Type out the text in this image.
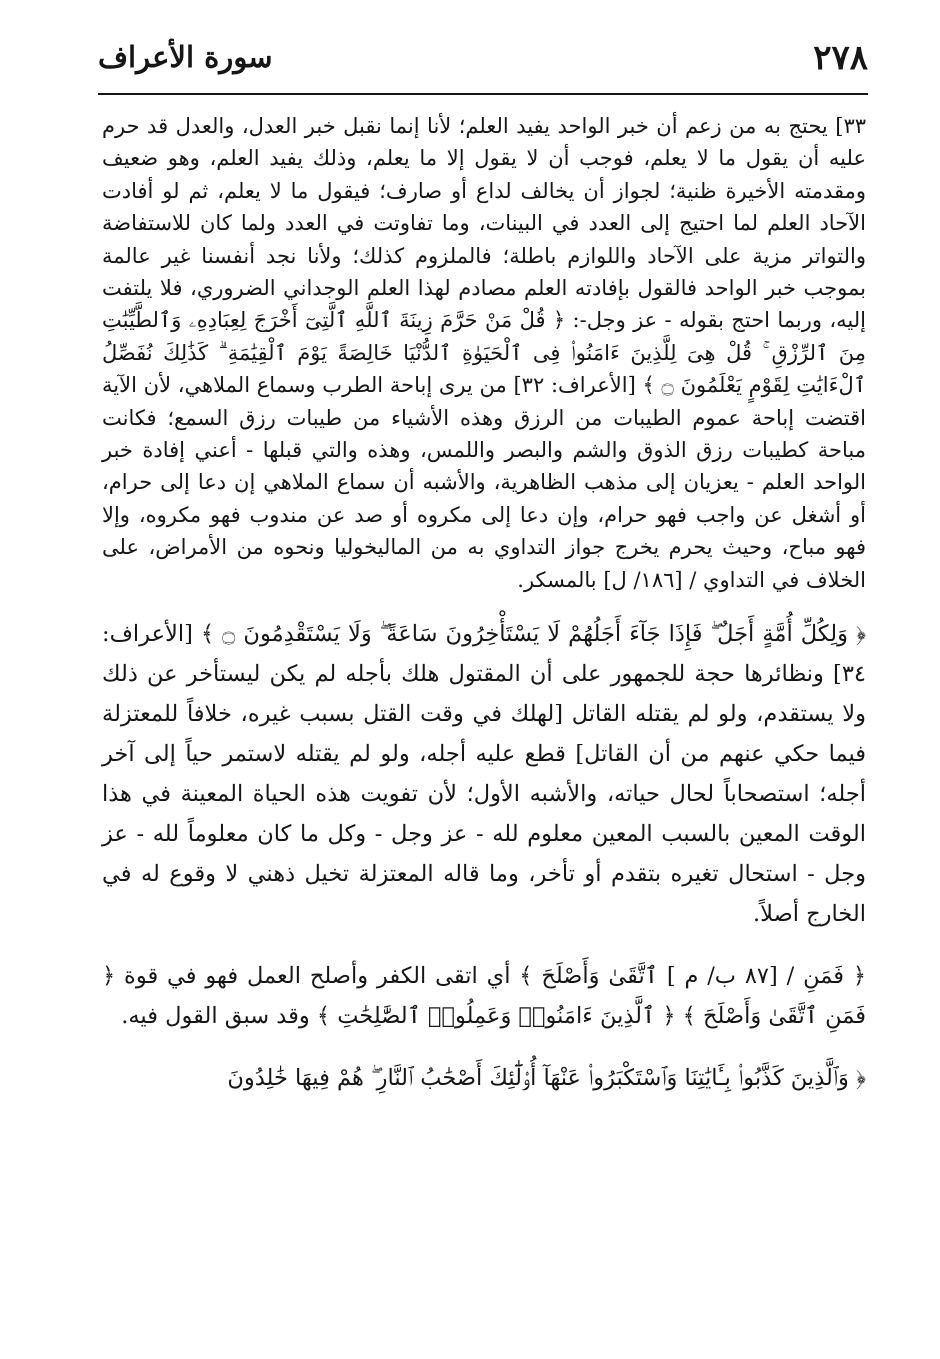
٢٧٨
سورة الأعراف

٣٣] يحتج به من زعم أن خبر الواحد يفيد العلم؛ لأنا إنما نقبل خبر العدل، والعدل قد حرم عليه أن يقول ما لا يعلم، فوجب أن لا يقول إلا ما يعلم، وذلك يفيد العلم، وهو ضعيف ومقدمته الأخيرة ظنية؛ لجواز أن يخالف لداع أو صارف؛ فيقول ما لا يعلم، ثم لو أفادت الآحاد العلم لما احتيج إلى العدد في البينات، وما تفاوتت في العدد ولما كان للاستفاضة والتواتر مزية على الآحاد واللوازم باطلة؛ فالملزوم كذلك؛ ولأنا نجد أنفسنا غير عالمة بموجب خبر الواحد فالقول بإفادته العلم مصادم لهذا العلم الوجداني الضروري، فلا يلتفت إليه، وربما احتج بقوله - عز وجل-: ﴿ قُلْ مَنْ حَرَّمَ زِينَةَ ٱللَّهِ ٱلَّتِىٓ أَخْرَجَ لِعِبَادِهِۦ وَٱلطَّيِّبَٰتِ مِنَ ٱلرِّزْقِ ۚ قُلْ هِىَ لِلَّذِينَ ءَامَنُوا۟ فِى ٱلْحَيَوٰةِ ٱلدُّنْيَا خَالِصَةً يَوْمَ ٱلْقِيَٰمَةِ ۗ كَذَٰلِكَ نُفَصِّلُ ٱلْءَايَٰتِ لِقَوْمٍ يَعْلَمُونَ ۝ ﴾ [الأعراف: ٣٢] من يرى إباحة الطرب وسماع الملاهي، لأن الآية اقتضت إباحة عموم الطيبات من الرزق وهذه الأشياء من طيبات رزق السمع؛ فكانت مباحة كطيبات رزق الذوق والشم والبصر واللمس، وهذه والتي قبلها - أعني إفادة خبر الواحد العلم - يعزيان إلى مذهب الظاهرية، والأشبه أن سماع الملاهي إن دعا إلى حرام، أو أشغل عن واجب فهو حرام، وإن دعا إلى مكروه أو صد عن مندوب فهو مكروه، وإلا فهو مباح، وحيث يحرم يخرج جواز التداوي به من الماليخوليا ونحوه من الأمراض، على الخلاف في التداوي / [١٨٦/ ل] بالمسكر.

﴿ وَلِكُلِّ أُمَّةٍ أَجَلٌ ۖ فَإِذَا جَآءَ أَجَلُهُمْ لَا يَسْتَأْخِرُونَ سَاعَةً ۖ وَلَا يَسْتَقْدِمُونَ ۝ ﴾ [الأعراف: ٣٤] ونظائرها حجة للجمهور على أن المقتول هلك بأجله لم يكن ليستأخر عن ذلك ولا يستقدم، ولو لم يقتله القاتل [لهلك في وقت القتل بسبب غيره، خلافاً للمعتزلة فيما حكي عنهم من أن القاتل] قطع عليه أجله، ولو لم يقتله لاستمر حياً إلى آخر أجله؛ استصحاباً لحال حياته، والأشبه الأول؛ لأن تفويت هذه الحياة المعينة في هذا الوقت المعين بالسبب المعين معلوم لله - عز وجل - وكل ما كان معلوماً لله - عز وجل - استحال تغيره بتقدم أو تأخر، وما قاله المعتزلة تخيل ذهني لا وقوع له في الخارج أصلاً.

﴿ فَمَنِ / [٨٧ ب/ م ] ٱتَّقَىٰ وَأَصْلَحَ ﴾ أي اتقى الكفر وأصلح العمل فهو في قوة ﴿ فَمَنِ ٱتَّقَىٰ وَأَصْلَحَ ﴾ ﴿ ٱلَّذِينَ ءَامَنُوا۟ وَعَمِلُوا۟ ٱلصَّٰلِحَٰتِ ﴾ وقد سبق القول فيه.

﴿ وَٱلَّذِينَ كَذَّبُوا۟ بِـَٔايَٰتِنَا وَٱسْتَكْبَرُوا۟ عَنْهَآ أُو۟لَٰٓئِكَ أَصْحَٰبُ ٱلنَّارِ ۖ هُمْ فِيهَا خَٰلِدُونَ
